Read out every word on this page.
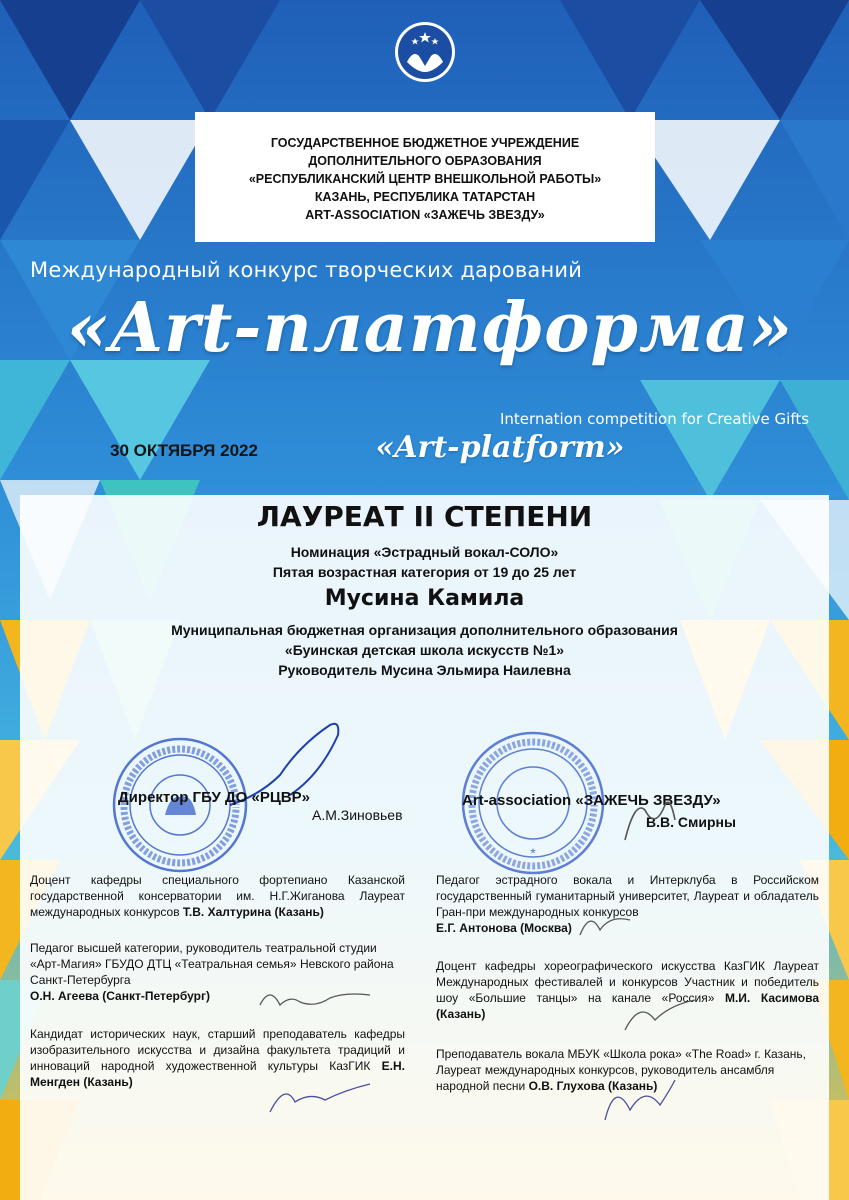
ГОСУДАРСТВЕННОЕ БЮДЖЕТНОЕ УЧРЕЖДЕНИЕ
ДОПОЛНИТЕЛЬНОГО ОБРАЗОВАНИЯ
«РЕСПУБЛИКАНСКИЙ ЦЕНТР ВНЕШКОЛЬНОЙ РАБОТЫ»
КАЗАНЬ, РЕСПУБЛИКА ТАТАРСТАН
ART-ASSOCIATION «ЗАЖЕЧЬ ЗВЕЗДУ»
Международный конкурс творческих дарований
«Art-платформа»
Internation competition for Creative Gifts
30 ОКТЯБРЯ 2022	«Art-platform»
ЛАУРЕАТ II СТЕПЕНИ
Номинация «Эстрадный вокал-СОЛО»
Пятая возрастная категория от 19 до 25 лет
Мусина Камила
Муниципальная бюджетная организация дополнительного образования
«Буинская детская школа искусств №1»
Руководитель Мусина Эльмира Наилевна
Директор ГБУ ДО «РЦВР»
А.М.Зиновьев
*
Art-association «ЗАЖЕЧЬ ЗВЕЗДУ»
В.В. Смирны

Доцент кафедры специального фортепиано Казанской государственной консерватории им. Н.Г.Жиганова Лауреат международных конкурсов Т.В. Халтурина (Казань)

Педагог высшей категории, руководитель театральной студии «Арт-Магия» ГБУДО ДТЦ «Театральная семья» Невского района Санкт-Петербурга

О.Н. Агеева (Санкт-Петербург)

Кандидат исторических наук, старший преподаватель кафедры изобразительного искусства и дизайна факультета традиций и инноваций народной художественной культуры КазГИК Е.Н. Менгден (Казань)

Педагог эстрадного вокала и Интерклуба в Российском государственный гуманитарный университет, Лауреат и обладатель Гран-при международных конкурсов

Е.Г. Антонова (Москва)

Доцент кафедры хореографического искусства КазГИК Лауреат Международных фестивалей и конкурсов Участник и победитель шоу «Большие танцы» на канале «Россия» М.И. Касимова (Казань)

Преподаватель вокала МБУК «Школа рока» «The Road» г. Казань, Лауреат международных конкурсов, руководитель ансамбля народной песни О.В. Глухова (Казань)
